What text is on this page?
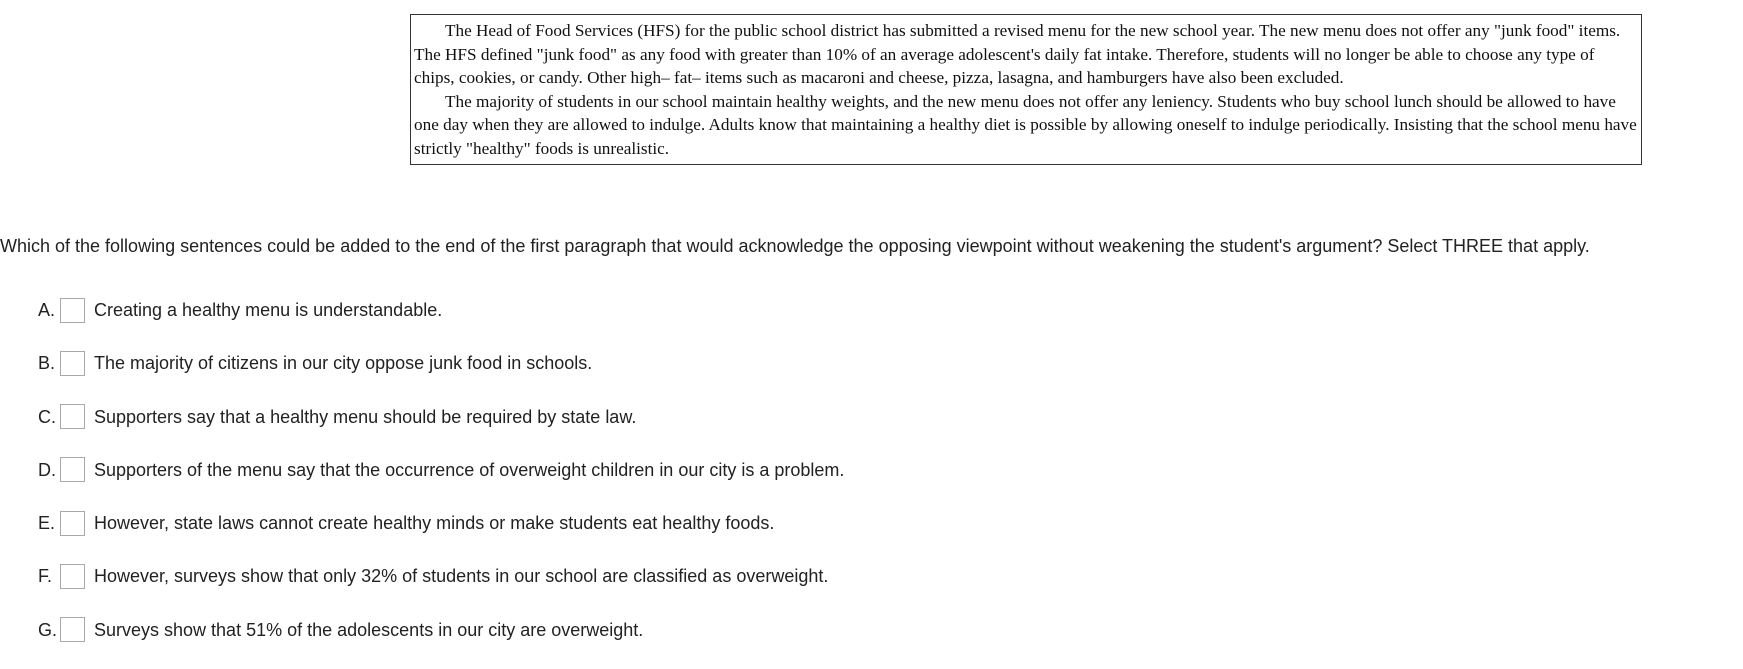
The Head of Food Services (HFS) for the public school district has submitted a revised menu for the new school year. The new menu does not offer any "junk food" items. The HFS defined "junk food" as any food with greater than 10% of an average adolescent's daily fat intake. Therefore, students will no longer be able to choose any type of chips, cookies, or candy. Other high– fat– items such as macaroni and cheese, pizza, lasagna, and hamburgers have also been excluded.

The majority of students in our school maintain healthy weights, and the new menu does not offer any leniency. Students who buy school lunch should be allowed to have one day when they are allowed to indulge. Adults know that maintaining a healthy diet is possible by allowing oneself to indulge periodically. Insisting that the school menu have strictly "healthy" foods is unrealistic.

Which of the following sentences could be added to the end of the first paragraph that would acknowledge the opposing viewpoint without weakening the student's argument? Select THREE that apply.
A. Creating a healthy menu is understandable.
B. The majority of citizens in our city oppose junk food in schools.
C. Supporters say that a healthy menu should be required by state law.
D. Supporters of the menu say that the occurrence of overweight children in our city is a problem.
E. However, state laws cannot create healthy minds or make students eat healthy foods.
F.	However, surveys show that only 32% of students in our school are classified as overweight.
G. Surveys show that 51% of the adolescents in our city are overweight.
